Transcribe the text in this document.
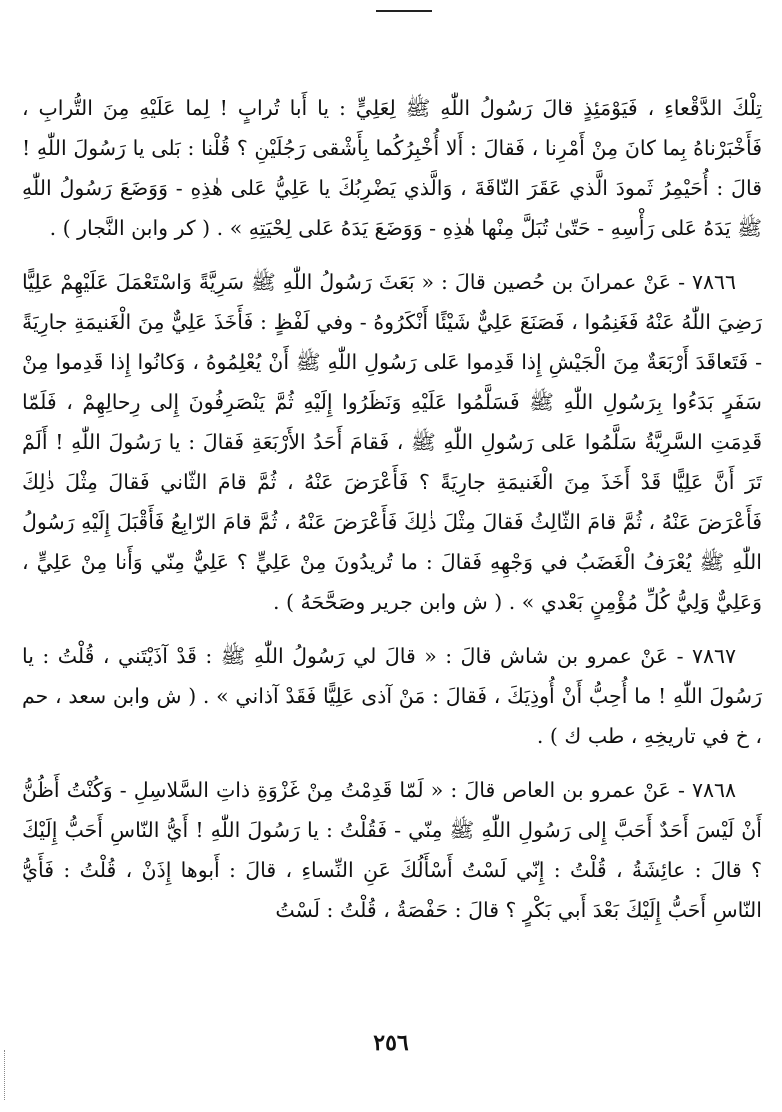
تِلْكَ الدَّقْعاءِ ، فَيَوْمَئِذٍ قالَ رَسُولُ اللّٰهِ ﷺ لِعَلِيٍّ : يا أَبا تُرابٍ ! لِما عَلَيْهِ مِنَ التُّرابِ ، فَأَخْبَرْناهُ بِما كانَ مِنْ أَمْرِنا ، فَقالَ : أَلا أُخْبِرُكُما بِأَشْقى رَجُلَيْنِ ؟ قُلْنا : بَلى يا رَسُولَ اللّٰهِ ! قالَ : أُحَيْمِرُ ثَمودَ الَّذي عَقَرَ النّاقَةَ ، وَالَّذي يَضْرِبُكَ يا عَلِيُّ عَلى هٰذِهِ - وَوَضَعَ رَسُولُ اللّٰهِ ﷺ يَدَهُ عَلى رَأْسِهِ - حَتّىٰ تُبَلَّ مِنْها هٰذِهِ - وَوَضَعَ يَدَهُ عَلى لِحْيَتِهِ » . ( كر وابن النَّجار ) .

٧٨٦٦ - عَنْ عمرانَ بن حُصين قالَ : « بَعَثَ رَسُولُ اللّٰهِ ﷺ سَرِيَّةً وَاسْتَعْمَلَ عَلَيْهِمْ عَلِيًّا رَضِيَ اللّٰهُ عَنْهُ فَغَنِمُوا ، فَصَنَعَ عَلِيٌّ شَيْئًا أَنْكَرُوهُ - وفي لَفْظٍ : فَأَخَذَ عَلِيٌّ مِنَ الْغَنيمَةِ جارِيَةً - فَتَعاقَدَ أَرْبَعَةٌ مِنَ الْجَيْشِ إِذا قَدِموا عَلى رَسُولِ اللّٰهِ ﷺ أَنْ يُعْلِمُوهُ ، وَكانُوا إِذا قَدِموا مِنْ سَفَرٍ بَدَءُوا بِرَسُولِ اللّٰهِ ﷺ فَسَلَّمُوا عَلَيْهِ وَنَظَرُوا إِلَيْهِ ثُمَّ يَنْصَرِفُونَ إِلى رِحالِهِمْ ، فَلَمّا قَدِمَتِ السَّرِيَّةُ سَلَّمُوا عَلى رَسُولِ اللّٰهِ ﷺ ، فَقامَ أَحَدُ الأَرْبَعَةِ فَقالَ : يا رَسُولَ اللّٰهِ ! أَلَمْ تَرَ أَنَّ عَلِيًّا قَدْ أَخَذَ مِنَ الْغَنيمَةِ جارِيَةً ؟ فَأَعْرَضَ عَنْهُ ، ثُمَّ قامَ الثّاني فَقالَ مِثْلَ ذٰلِكَ فَأَعْرَضَ عَنْهُ ، ثُمَّ قامَ الثّالِثُ فَقالَ مِثْلَ ذٰلِكَ فَأَعْرَضَ عَنْهُ ، ثُمَّ قامَ الرّابِعُ فَأَقْبَلَ إِلَيْهِ رَسُولُ اللّٰهِ ﷺ يُعْرَفُ الْغَضَبُ في وَجْهِهِ فَقالَ : ما تُريدُونَ مِنْ عَلِيٍّ ؟ عَلِيٌّ مِنّي وَأَنا مِنْ عَلِيٍّ ، وَعَلِيٌّ وَلِيُّ كُلِّ مُؤْمِنٍ بَعْدي » . ( ش وابن جرير وصَحَّحَهُ ) .

٧٨٦٧ - عَنْ عمرو بن شاش قالَ : « قالَ لي رَسُولُ اللّٰهِ ﷺ : قَدْ آذَيْتَني ، قُلْتُ : يا رَسُولَ اللّٰهِ ! ما أُحِبُّ أَنْ أُوذِيَكَ ، فَقالَ : مَنْ آذى عَلِيًّا فَقَدْ آذاني » . ( ش وابن سعد ، حم ، خ في تاريخِهِ ، طب ك ) .

٧٨٦٨ - عَنْ عمرو بن العاص قالَ : « لَمّا قَدِمْتُ مِنْ غَزْوَةِ ذاتِ السَّلاسِلِ - وَكُنْتُ أَظُنُّ أَنْ لَيْسَ أَحَدٌ أَحَبَّ إِلى رَسُولِ اللّٰهِ ﷺ مِنّي - فَقُلْتُ : يا رَسُولَ اللّٰهِ ! أَيُّ النّاسِ أَحَبُّ إِلَيْكَ ؟ قالَ : عائِشَةُ ، قُلْتُ : إِنّي لَسْتُ أَسْأَلُكَ عَنِ النِّساءِ ، قالَ : أَبوها إِذَنْ ، قُلْتُ : فَأَيُّ النّاسِ أَحَبُّ إِلَيْكَ بَعْدَ أَبي بَكْرٍ ؟ قالَ : حَفْصَةُ ، قُلْتُ : لَسْتُ

٢٥٦
